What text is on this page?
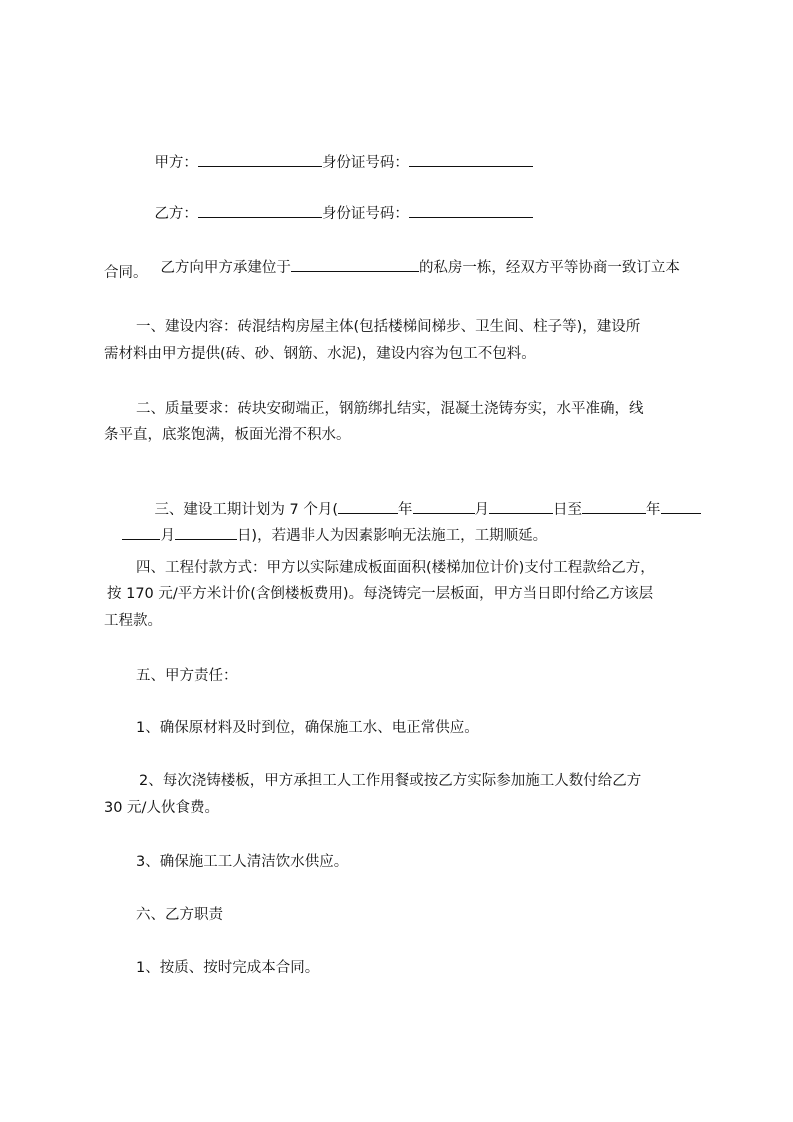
甲方：	身份证号码：

乙方：	身份证号码：

乙方向甲方承建位于	的私房一栋，经双方平等协商一致订立本

合同。
一、建设内容：砖混结构房屋主体(包括楼梯间梯步、卫生间、柱子等)，建设所
需材料由甲方提供(砖、砂、钢筋、水泥)，建设内容为包工不包料。
二、质量要求：砖块安砌端正，钢筋绑扎结实，混凝土浇铸夯实，水平准确，线
条平直，底浆饱满，板面光滑不积水。

三、建设工期计划为 7 个月(	年	月	日至	年

月	日)，若遇非人为因素影响无法施工，工期顺延。

四、工程付款方式：甲方以实际建成板面面积(楼梯加位计价)支付工程款给乙方，
按 170 元/平方米计价(含倒楼板费用)。每浇铸完一层板面，甲方当日即付给乙方该层
工程款。
五、甲方责任：
1、确保原材料及时到位，确保施工水、电正常供应。
2、每次浇铸楼板，甲方承担工人工作用餐或按乙方实际参加施工人数付给乙方
30 元/人伙食费。
3、确保施工工人清洁饮水供应。
六、乙方职责
1、按质、按时完成本合同。
